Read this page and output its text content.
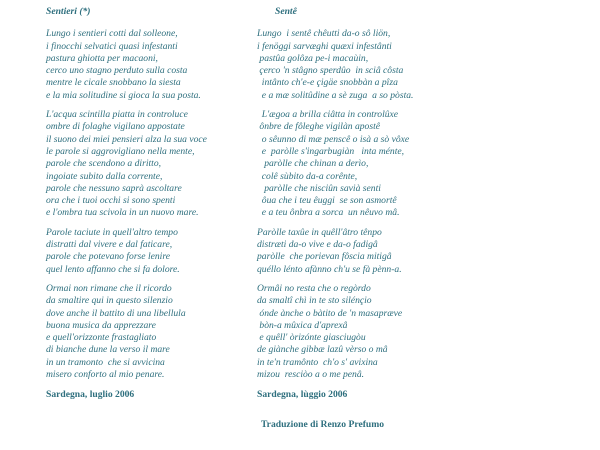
Sentieri (*)
Lungo i sentieri cotti dal solleone,
i finocchi selvatici quasi infestanti
pastura ghiotta per macaoni,
cerco uno stagno perduto sulla costa
mentre le cicale snobbano la siesta
e la mia solitudine si gioca la sua posta.
L'acqua scintilla piatta in controluce
ombre di folaghe vigilano appostate
il suono dei miei pensieri alza la sua voce
le parole si aggrovigliano nella mente,
parole che scendono a diritto,
ingoiate subito dalla corrente,
parole che nessuno saprà ascoltare
ora che i tuoi occhi si sono spenti
e l'ombra tua scivola in un nuovo mare.
Parole taciute in quell'altro tempo
distratti dal vivere e dal faticare,
parole che potevano forse lenire
quel lento affanno che si fa dolore.
Ormai non rimane che il ricordo
da smaltire qui in questo silenzio
dove anche il battito di una libellula
buona musica da apprezzare
e quell'orizzonte frastagliato
di bianche dune la verso il mare
in un tramonto  che si avvicina
misero conforto al mio penare.
Sardegna, luglio 2006
Sentê
Lungo  i sentê chêutti da-o sô liön,
i fenöggi sarvæghi quæxi infestânti
pastûa golôza pe-i macaùin,
çerco 'n stâgno sperdûo  in sciâ côsta
intânto ch'e-e çigäe snobbàn a pîza
e a mæ solitûdine a sè zuga  a so pòsta.
L'ægoa a brilla ciâtta in controlûxe
ônbre de fôleghe vigilàn apostê
o sêunno di mæ penscê o isà a sò vôxe
e  paròlle s'ingarbugiàn   inta ménte,
paròlle che chinan a derìo,
colê sùbito da-a corênte,
paròlle che nisciûn savià senti
ôua che i teu êuggi  se son asmortê
e a teu ônbra a sorca  un nêuvo mâ.
Paròlle taxûe in quêll'âtro tênpo
distræti da-o vive e da-o fadigâ
paròlle  che porievan fôscia mitigâ
quéllo lénto afànno ch'u se fà pènn-a.
Ormâi no resta che o regòrdo
da smaltî chì in te sto silénçio
ónde ànche o bàtito de 'n masapræve
bòn-a mûxica d'aprexâ
e quêll' òrizónte giasciugòu
de giànche gibbæ lazû vèrso o mâ
in te'n tramônto  ch'o s' avixina
mizou  resciòo a o me penâ.
Sardegna, lùggio 2006
Traduzione di Renzo Prefumo
